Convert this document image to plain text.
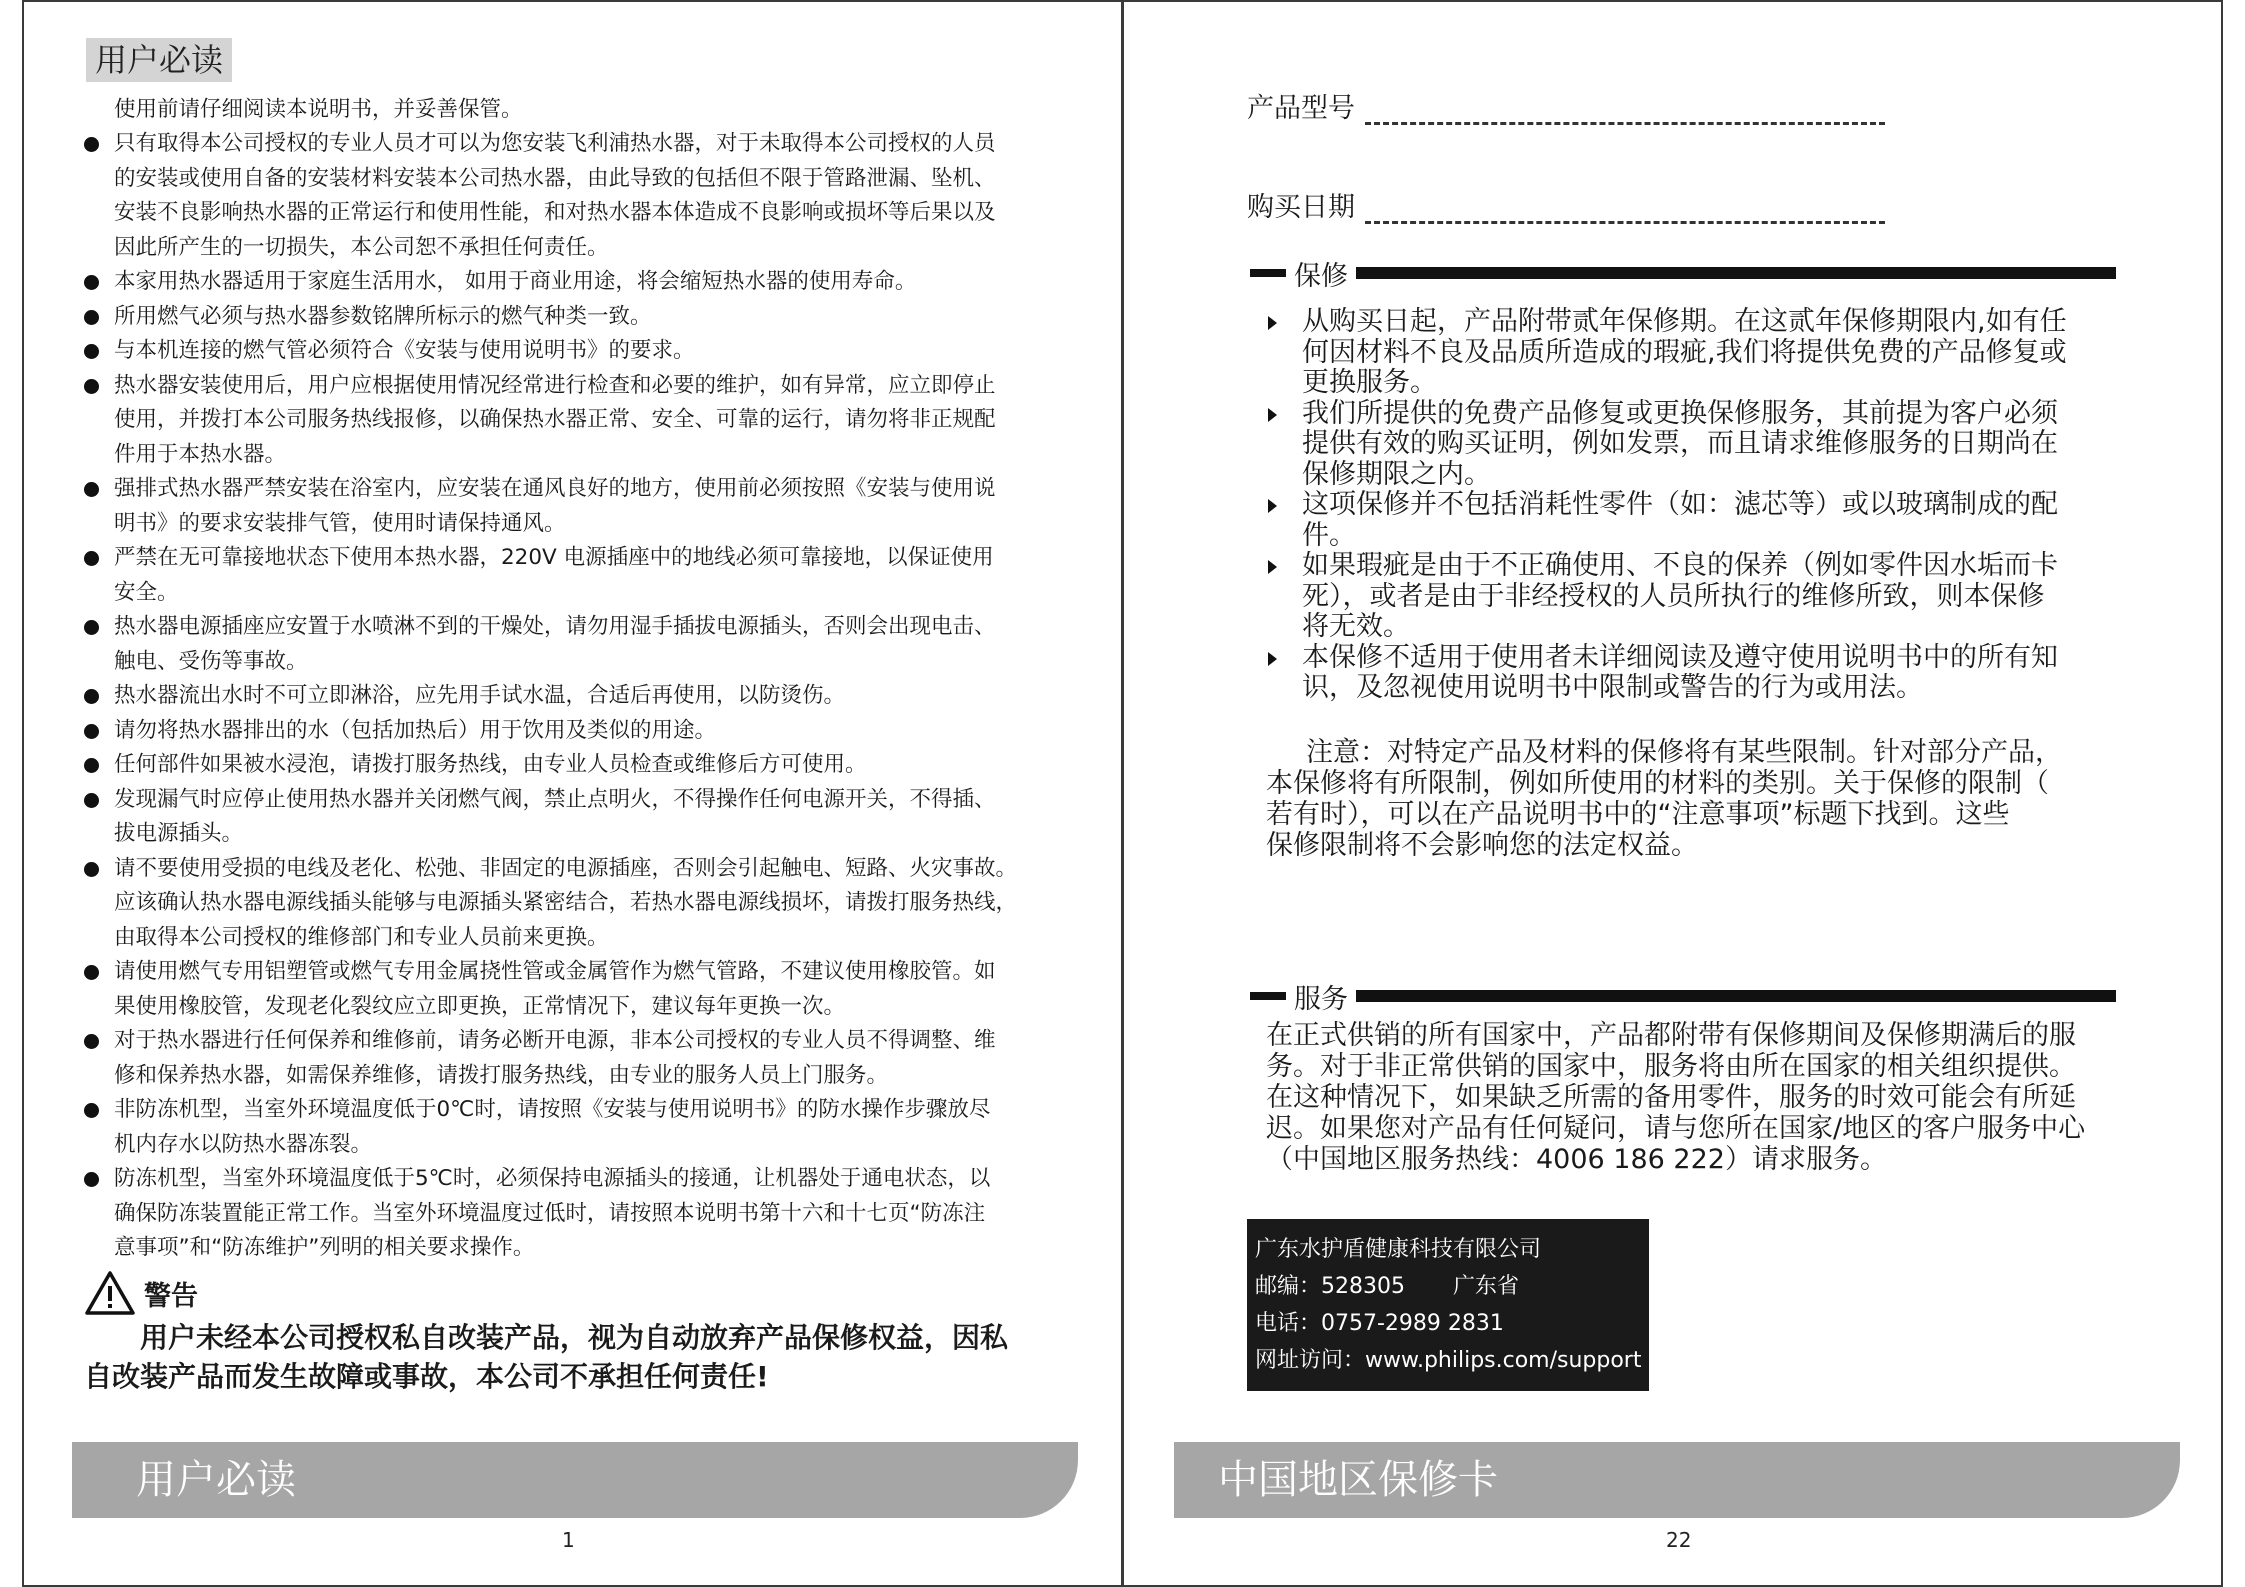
用户必读
使用前请仔细阅读本说明书，并妥善保管。
只有取得本公司授权的专业人员才可以为您安装飞利浦热水器，对于未取得本公司授权的人员
的安装或使用自备的安装材料安装本公司热水器，由此导致的包括但不限于管路泄漏、坠机、
安装不良影响热水器的正常运行和使用性能，和对热水器本体造成不良影响或损坏等后果以及
因此所产生的一切损失，本公司恕不承担任何责任。
本家用热水器适用于家庭生活用水， 如用于商业用途，将会缩短热水器的使用寿命。
所用燃气必须与热水器参数铭牌所标示的燃气种类一致。
与本机连接的燃气管必须符合《安装与使用说明书》的要求。
热水器安装使用后，用户应根据使用情况经常进行检查和必要的维护，如有异常，应立即停止
使用，并拨打本公司服务热线报修，以确保热水器正常、安全、可靠的运行，请勿将非正规配
件用于本热水器。
强排式热水器严禁安装在浴室内，应安装在通风良好的地方，使用前必须按照《安装与使用说
明书》的要求安装排气管，使用时请保持通风。
严禁在无可靠接地状态下使用本热水器，220V 电源插座中的地线必须可靠接地，以保证使用
安全。
热水器电源插座应安置于水喷淋不到的干燥处，请勿用湿手插拔电源插头，否则会出现电击、
触电、受伤等事故。
热水器流出水时不可立即淋浴，应先用手试水温，合适后再使用，以防烫伤。
请勿将热水器排出的水（包括加热后）用于饮用及类似的用途。
任何部件如果被水浸泡，请拨打服务热线，由专业人员检查或维修后方可使用。
发现漏气时应停止使用热水器并关闭燃气阀，禁止点明火，不得操作任何电源开关，不得插、
拔电源插头。
请不要使用受损的电线及老化、松弛、非固定的电源插座，否则会引起触电、短路、火灾事故。
应该确认热水器电源线插头能够与电源插头紧密结合，若热水器电源线损坏，请拨打服务热线，
由取得本公司授权的维修部门和专业人员前来更换。
请使用燃气专用铝塑管或燃气专用金属挠性管或金属管作为燃气管路，不建议使用橡胶管。如
果使用橡胶管，发现老化裂纹应立即更换，正常情况下，建议每年更换一次。
对于热水器进行任何保养和维修前，请务必断开电源，非本公司授权的专业人员不得调整、维
修和保养热水器，如需保养维修，请拨打服务热线，由专业的服务人员上门服务。
非防冻机型，当室外环境温度低于0℃时，请按照《安装与使用说明书》的防水操作步骤放尽
机内存水以防热水器冻裂。
防冻机型，当室外环境温度低于5℃时，必须保持电源插头的接通，让机器处于通电状态，以
确保防冻装置能正常工作。当室外环境温度过低时，请按照本说明书第十六和十七页“防冻注
意事项”和“防冻维护”列明的相关要求操作。
警告
用户未经本公司授权私自改装产品，视为自动放弃产品保修权益，因私
自改装产品而发生故障或事故，本公司不承担任何责任!
用户必读
1
产品型号
购买日期
保修
从购买日起，产品附带贰年保修期。在这贰年保修期限内,如有任
何因材料不良及品质所造成的瑕疵,我们将提供免费的产品修复或
更换服务。
我们所提供的免费产品修复或更换保修服务，其前提为客户必须
提供有效的购买证明，例如发票，而且请求维修服务的日期尚在
保修期限之内。
这项保修并不包括消耗性零件（如：滤芯等）或以玻璃制成的配
件。
如果瑕疵是由于不正确使用、不良的保养（例如零件因水垢而卡
死），或者是由于非经授权的人员所执行的维修所致，则本保修
将无效。
本保修不适用于使用者未详细阅读及遵守使用说明书中的所有知
识，及忽视使用说明书中限制或警告的行为或用法。
注意：对特定产品及材料的保修将有某些限制。针对部分产品，
本保修将有所限制，例如所使用的材料的类别。关于保修的限制（
若有时），可以在产品说明书中的“注意事项”标题下找到。这些
保修限制将不会影响您的法定权益。
服务
在正式供销的所有国家中，产品都附带有保修期间及保修期满后的服
务。对于非正常供销的国家中，服务将由所在国家的相关组织提供。
在这种情况下，如果缺乏所需的备用零件，服务的时效可能会有所延
迟。如果您对产品有任何疑问，请与您所在国家/地区的客户服务中心
（中国地区服务热线：4006 186 222）请求服务。
广东水护盾健康科技有限公司
邮编：528305 广东省
电话：0757-2989 2831
网址访问：www.philips.com/support
中国地区保修卡
22
